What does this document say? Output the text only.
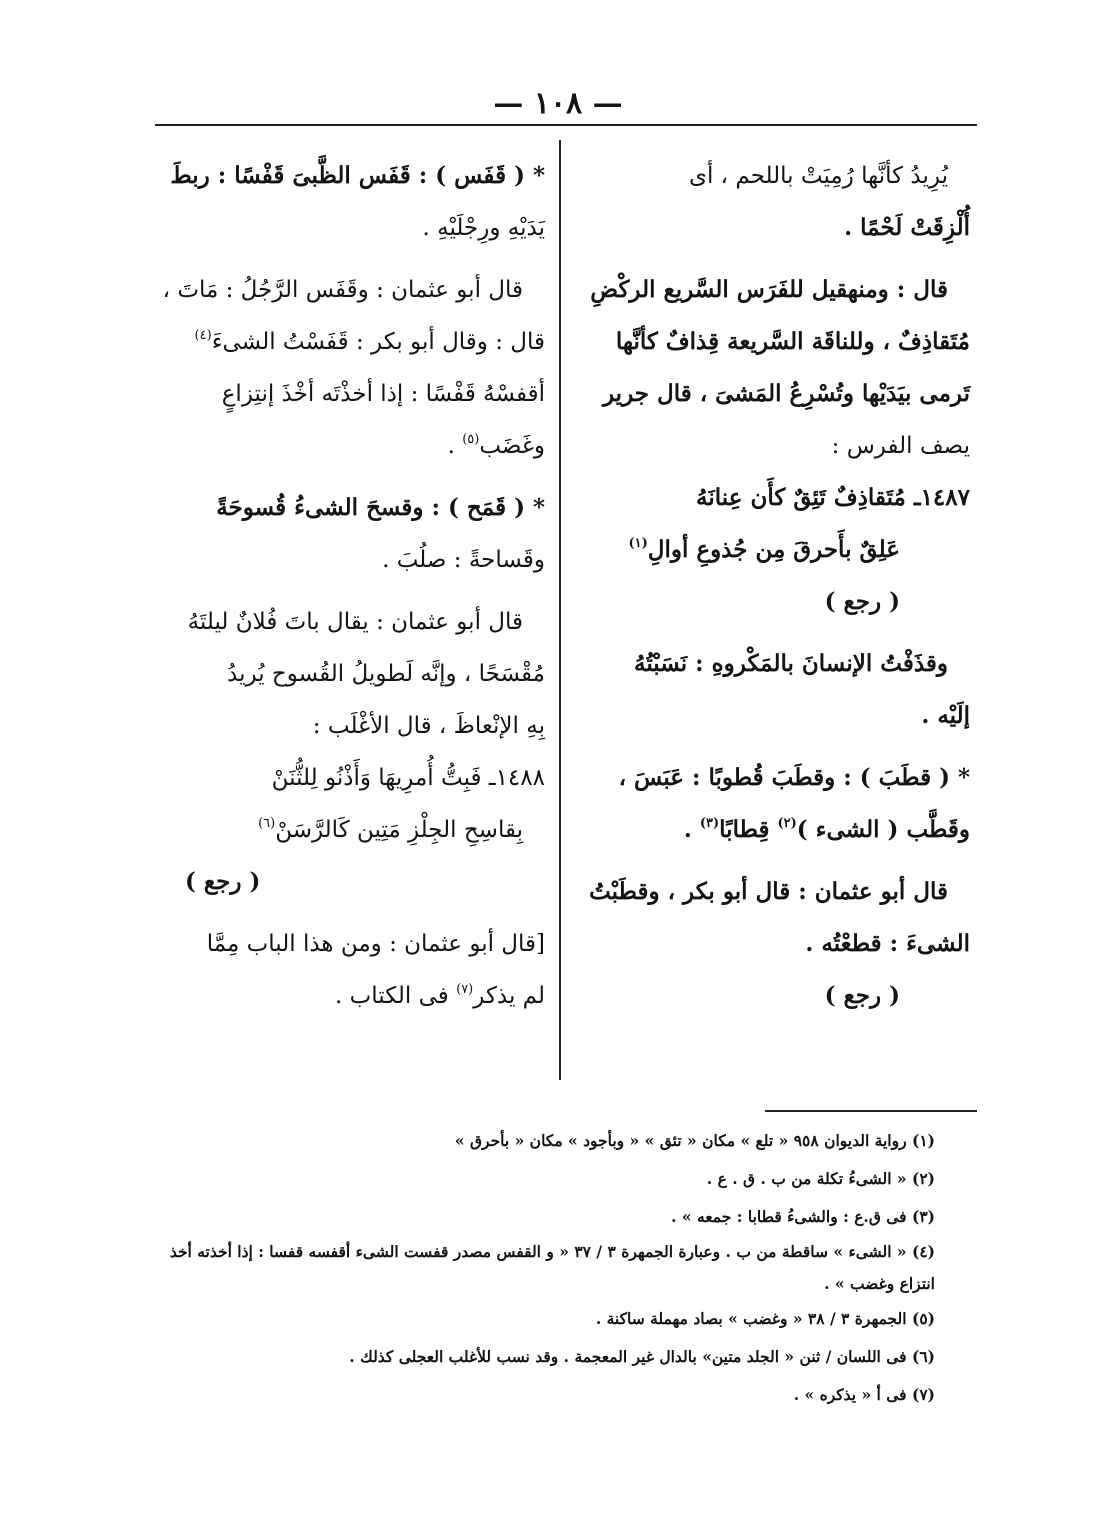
— ١٠٨ —
يُرِيدُ كأنَّها رُمِيَتْ باللحم ، أى
أُلْزِقَتْ لَحْمًا .
قال : ومنهقيل للفَرَس السَّريع الركْضِ
مُتَقاذِفٌ ، وللناقَة السَّريعة قِذافٌ كأنَّها
تَرمى بيَدَيْها وتُسْرِعُ المَشىَ ، قال جرير
يصف الفرس :
١٤٨٧ـ مُتَقاذِفٌ تَئِقٌ كأَن عِنانَهُ
عَلِقٌ بأَحرقَ مِن جُذوعِ أوالِ$^{(١)}$
( رجع )
وقذَفْتُ الإنسانَ بالمَكْروهِ : نَسَبْتُهُ
إلَيْه .
* ( قطَبَ ) : وقطَبَ قُطوبًا : عَبَسَ ،
وقَطَّب ( الشىء )$^{(٢)}$ قِطابًا$^{(٣)}$ .
قال أبو عثمان : قال أبو بكر ، وقطَبْتُ
الشىءَ : قطعْتُه .
( رجع )
* ( قَفَس ) : قَفَس الظَّبىَ قَفْسًا : ربطَ
يَدَيْهِ ورِجْلَيْهِ .
قال أبو عثمان : وقَفَس الرَّجُلُ : مَاتَ ،
قال : وقال أبو بكر : قَفَسْتُ الشىءَ$^{(٤)}$
أقفسْهُ قَفْسًا : إذا أخذْتَه أخْذَ إنتِزاعٍ
وغَضَب$^{(٥)}$ .
* ( قَمَح ) : وقسحَ الشىءُ قُسوحَةً
وقَساحةً : صلُبَ .
قال أبو عثمان : يقال باتَ فُلانٌ ليلتَهُ
مُقْسَحًا ، وإنَّه لَطويلُ القُسوح يُريدُ
بِهِ الإنْعاظَ ، قال الأغْلَب :
١٤٨٨ـ فَبِتُّ أُمرِيهَا وَأَذْنُو لِلثُّنَنْ
بِقاسِحِ الجِلْزِ مَتِين كَالرَّسَنْ$^{(٦)}$
( رجع )
[قال أبو عثمان : ومن هذا الباب مِمَّا
لم يذكر$^{(٧)}$ فى الكتاب .
(١) رواية الديوان ٩٥٨ « تلع » مكان « تئق » « وبأجود » مكان « بأحرق »
(٢) « الشىءُ تكلة من ب . ق . ع .
(٣) فى ق.ع : والشىءُ قطابا : جمعه » .
(٤) « الشىء » ساقطة من ب . وعبارة الجمهرة ٣ / ٣٧ « و القفس مصدر قفست الشىء أقفسه قفسا : إذا أخذته أخذ انتزاع وغضب » .
(٥) الجمهرة ٣ / ٣٨ « وغضب » بصاد مهملة ساكنة .
(٦) فى اللسان / ثنن « الجلد متين» بالدال غير المعجمة . وقد نسب للأغلب العجلى كذلك .
(٧) فى أ « يذكره » .
